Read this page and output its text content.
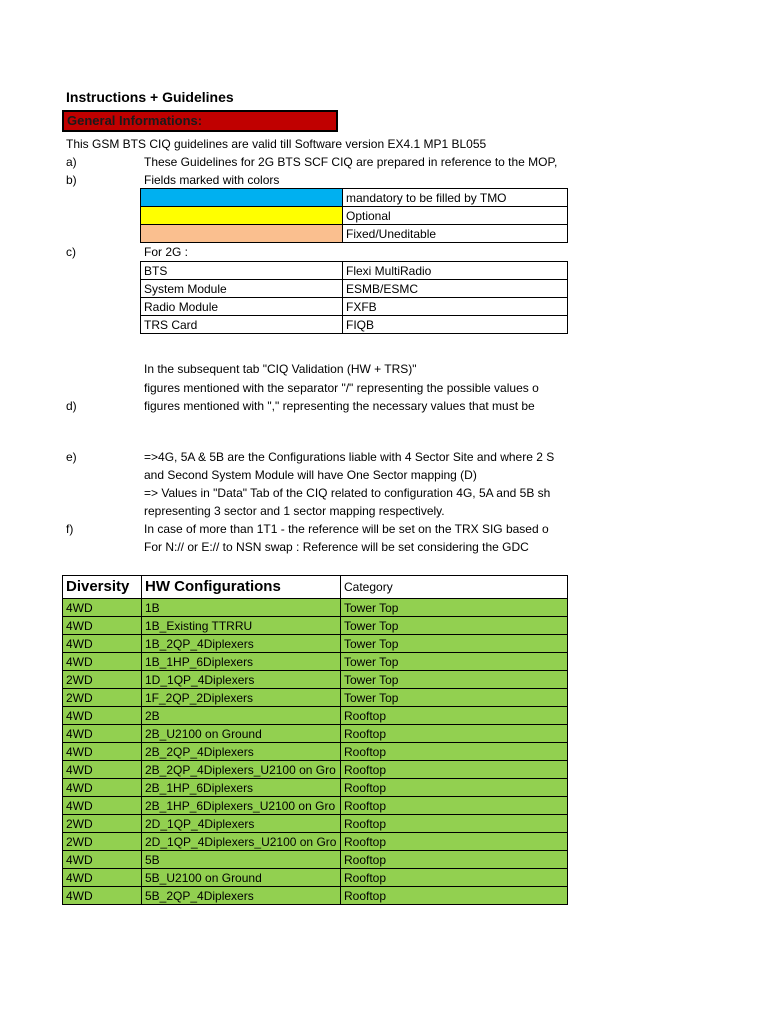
Instructions + Guidelines
General Informations:
This GSM BTS CIQ guidelines are valid till Software version EX4.1 MP1 BL055
a)	These Guidelines for 2G BTS SCF CIQ are prepared in reference to the MOP,
b)	Fields marked with colors
	mandatory to be filled by TMO
	Optional
	Fixed/Uneditable
c)	For 2G :
BTS	Flexi MultiRadio
System Module	ESMB/ESMC
Radio Module	FXFB
TRS Card	FIQB
In the subsequent tab "CIQ Validation (HW + TRS)"
figures mentioned with the separator "/" representing the possible values o
d)	figures mentioned with "," representing the necessary values that must be
e)	=>4G, 5A & 5B are the Configurations liable with 4 Sector Site and where 2 S
and Second System Module will have One Sector mapping (D)
=> Values in "Data" Tab of the CIQ related to configuration 4G, 5A and 5B sh
representing 3 sector and 1 sector mapping respectively.
f)	In case of more than 1T1 - the reference will be set on the TRX SIG based o
For N:// or E:// to NSN swap : Reference will be set considering the GDC
Diversity	HW Configurations	Category
4WD	1B	Tower Top
4WD	1B_Existing TTRRU	Tower Top
4WD	1B_2QP_4Diplexers	Tower Top
4WD	1B_1HP_6Diplexers	Tower Top
2WD	1D_1QP_4Diplexers	Tower Top
2WD	1F_2QP_2Diplexers	Tower Top
4WD	2B	Rooftop
4WD	2B_U2100 on Ground	Rooftop
4WD	2B_2QP_4Diplexers	Rooftop
4WD	2B_2QP_4Diplexers_U2100 on Gro	Rooftop
4WD	2B_1HP_6Diplexers	Rooftop
4WD	2B_1HP_6Diplexers_U2100 on Gro	Rooftop
2WD	2D_1QP_4Diplexers	Rooftop
2WD	2D_1QP_4Diplexers_U2100 on Gro	Rooftop
4WD	5B	Rooftop
4WD	5B_U2100 on Ground	Rooftop
4WD	5B_2QP_4Diplexers	Rooftop
